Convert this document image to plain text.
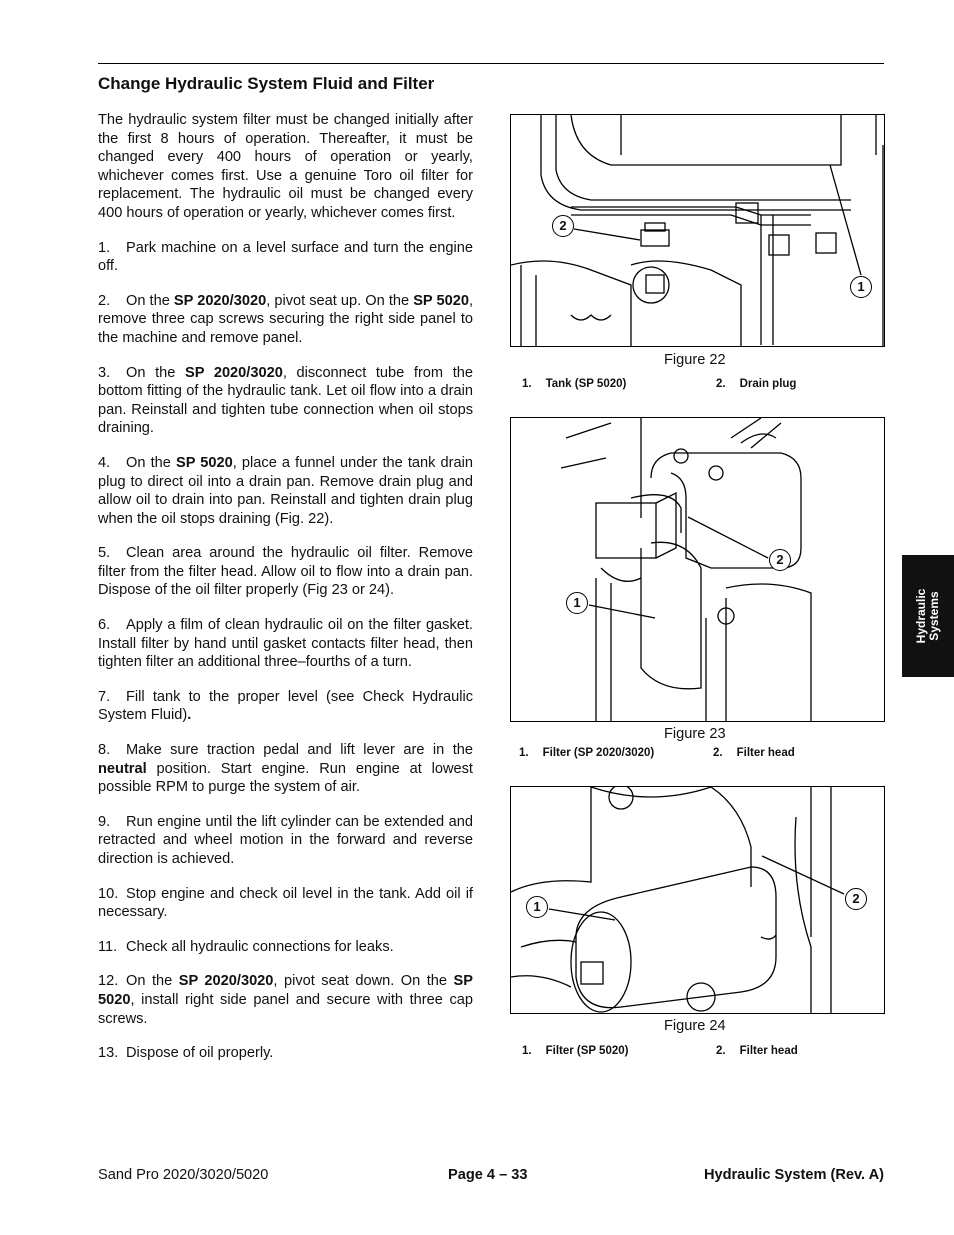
Change Hydraulic System Fluid and Filter

The hydraulic system filter must be changed initially after the first 8 hours of operation. Thereafter, it must be changed every 400 hours of operation or yearly, whichever comes first. Use a genuine Toro oil filter for replacement. The hydraulic oil must be changed every 400 hours of operation or yearly, whichever comes first.

1. Park machine on a level surface and turn the engine off.

2. On the SP 2020/3020, pivot seat up. On the SP 5020, remove three cap screws securing the right side panel to the machine and remove panel.

3. On the SP 2020/3020, disconnect tube from the bottom fitting of the hydraulic tank. Let oil flow into a drain pan. Reinstall and tighten tube connection when oil stops draining.

4. On the SP 5020, place a funnel under the tank drain plug to direct oil into a drain pan. Remove drain plug and allow oil to drain into pan. Reinstall and tighten drain plug when the oil stops draining (Fig. 22).

5. Clean area around the hydraulic oil filter. Remove filter from the filter head. Allow oil to flow into a drain pan. Dispose of the oil filter properly (Fig 23 or 24).

6. Apply a film of clean hydraulic oil on the filter gasket. Install filter by hand until gasket contacts filter head, then tighten filter an additional three–fourths of a turn.

7. Fill tank to the proper level (see Check Hydraulic System Fluid).

8. Make sure traction pedal and lift lever are in the neutral position. Start engine. Run engine at lowest possible RPM to purge the system of air.

9. Run engine until the lift cylinder can be extended and retracted and wheel motion in the forward and reverse direction is achieved.

10. Stop engine and check oil level in the tank. Add oil if necessary.

11. Check all hydraulic connections for leaks.

12. On the SP 2020/3020, pivot seat down. On the SP 5020, install right side panel and secure with three cap screws.

13. Dispose of oil properly.

1
2
1
2
1
2
Hydraulic
Systems
Sand Pro 2020/3020/5020	Page 4 – 33	Hydraulic System (Rev. A)
Figure 22
1. Tank (SP 5020)	2. Drain plug
Figure 23
1. Filter (SP 2020/3020)	2. Filter head
Figure 24
1. Filter (SP 5020)	2. Filter head
